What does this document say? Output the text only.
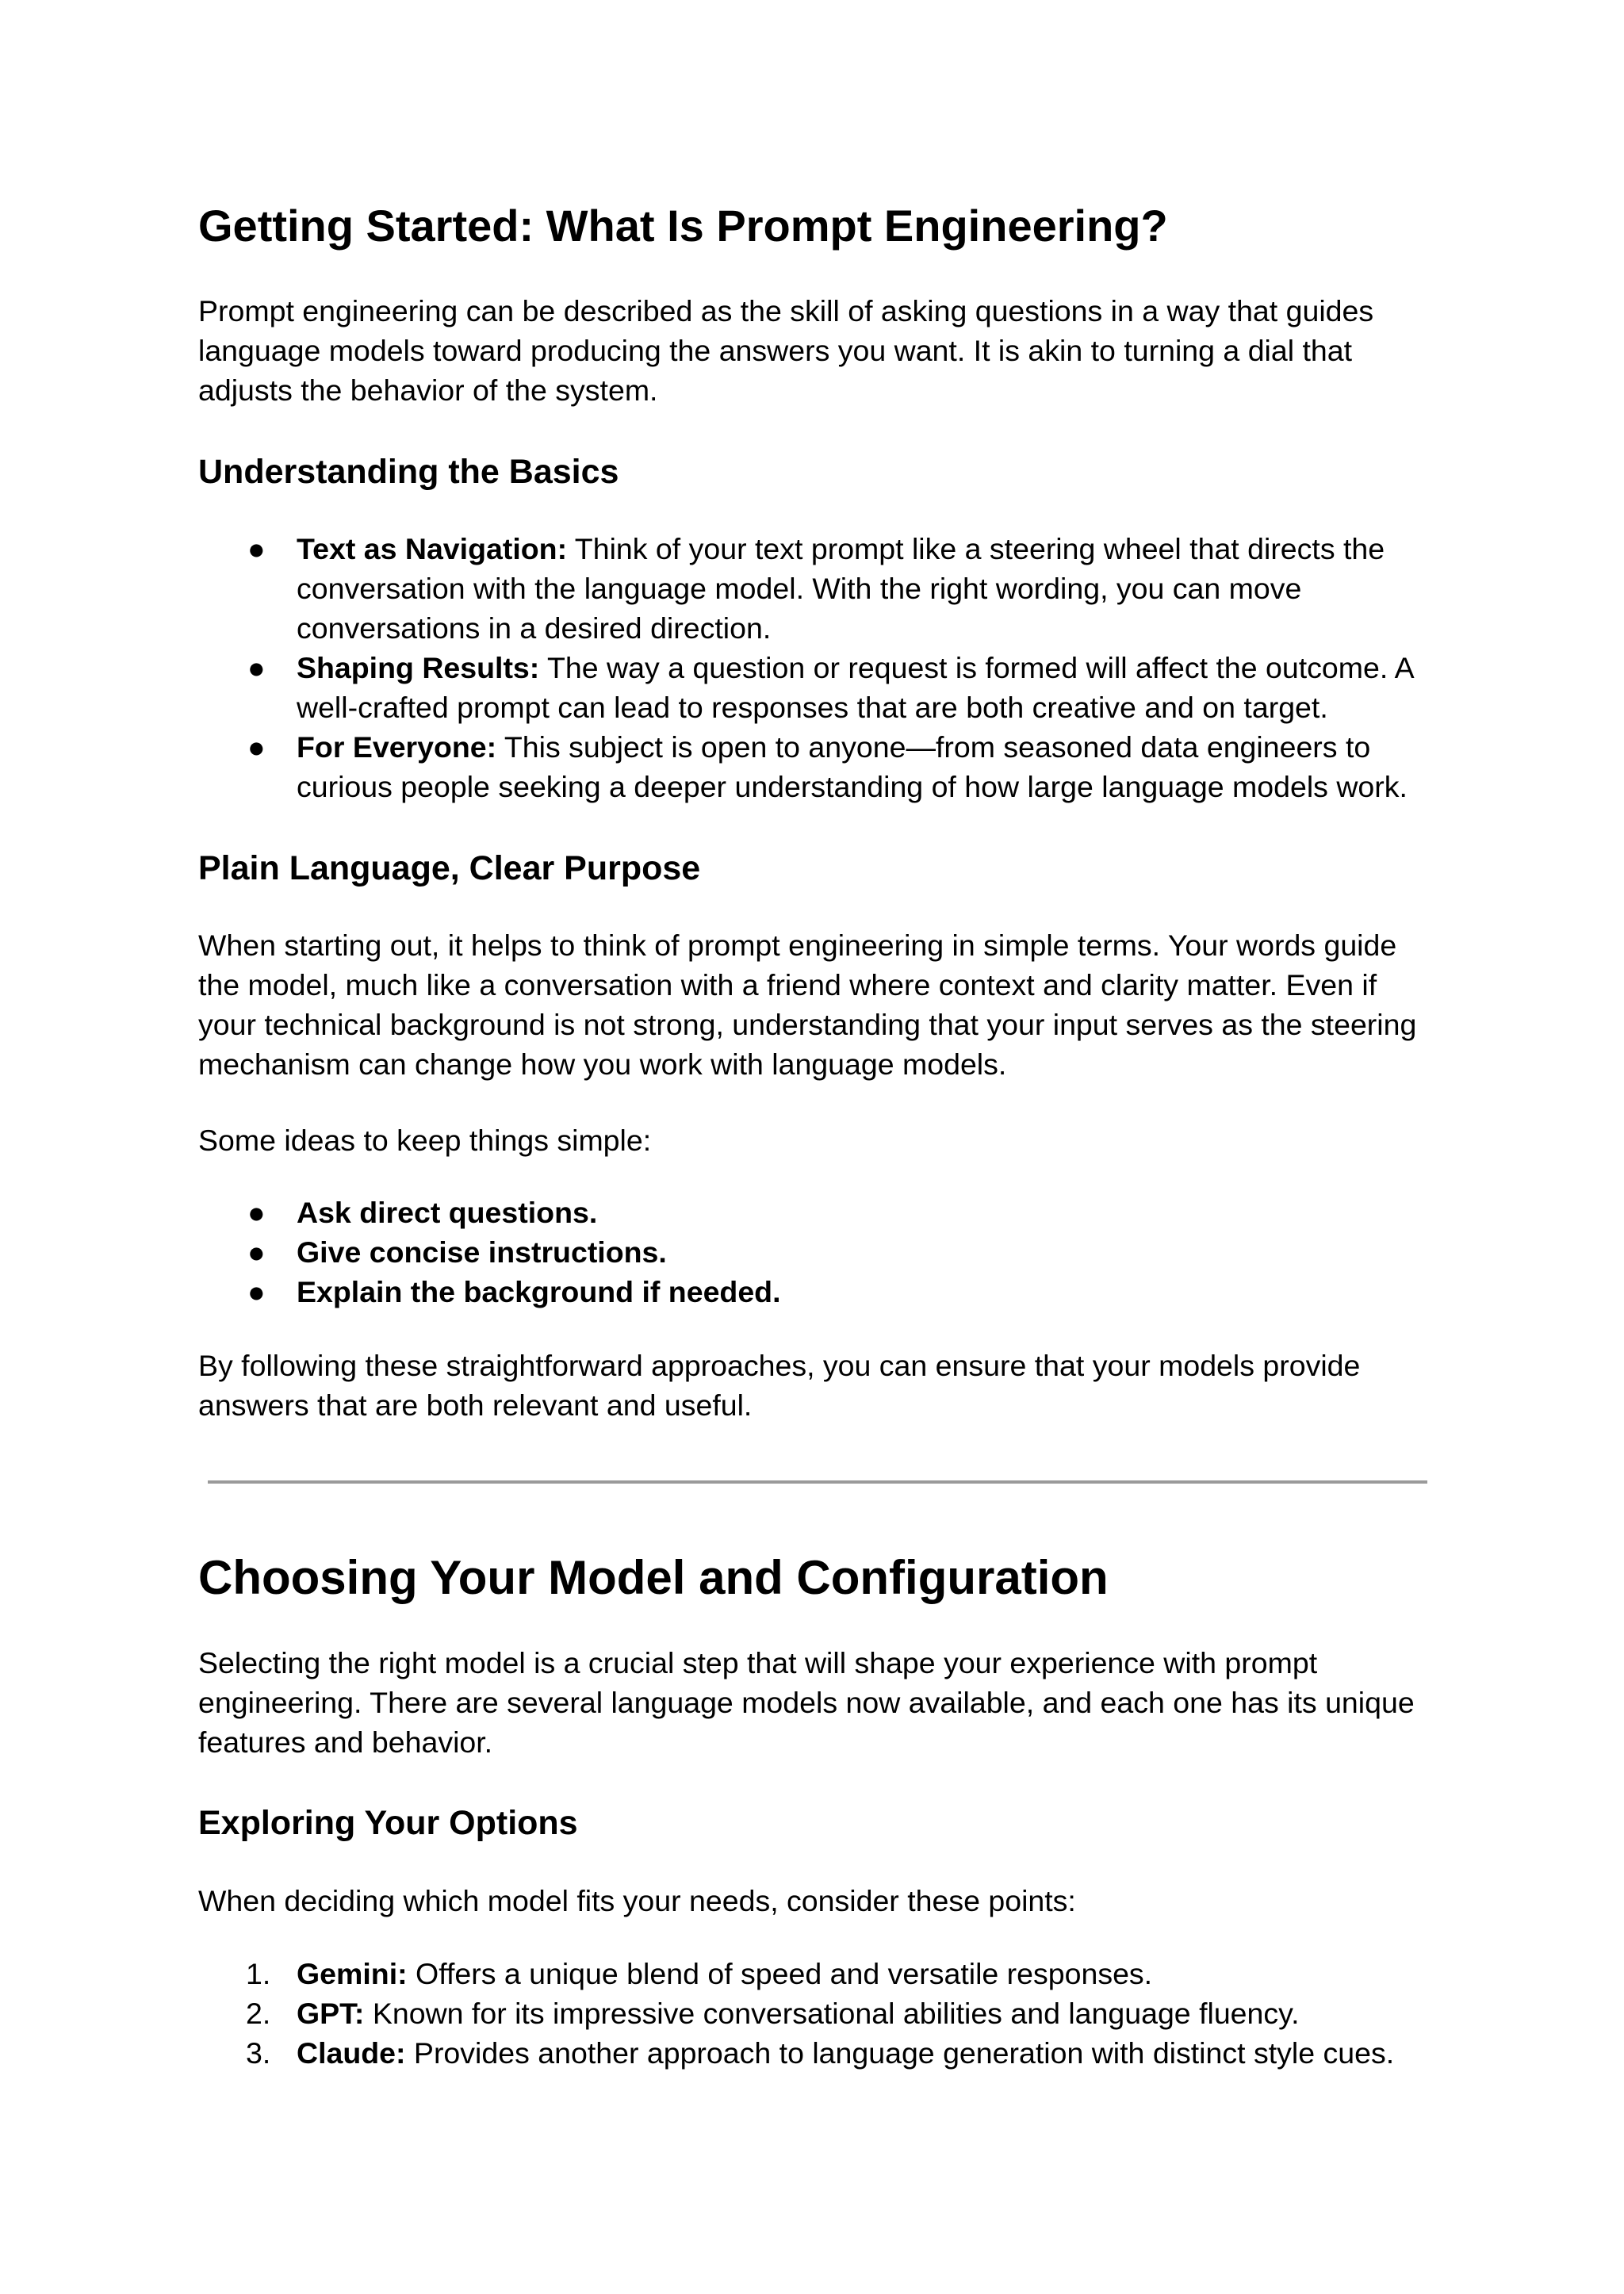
Getting Started: What Is Prompt Engineering?

Prompt engineering can be described as the skill of asking questions in a way that guides language models toward producing the answers you want. It is akin to turning a dial that adjusts the behavior of the system.

Understanding the Basics
● Text as Navigation: Think of your text prompt like a steering wheel that directs the conversation with the language model. With the right wording, you can move conversations in a desired direction.
● Shaping Results: The way a question or request is formed will affect the outcome. A well-crafted prompt can lead to responses that are both creative and on target.
● For Everyone: This subject is open to anyone—from seasoned data engineers to curious people seeking a deeper understanding of how large language models work.
Plain Language, Clear Purpose

When starting out, it helps to think of prompt engineering in simple terms. Your words guide the model, much like a conversation with a friend where context and clarity matter. Even if your technical background is not strong, understanding that your input serves as the steering mechanism can change how you work with language models.

Some ideas to keep things simple:

● Ask direct questions.
● Give concise instructions.
● Explain the background if needed.

By following these straightforward approaches, you can ensure that your models provide answers that are both relevant and useful.

Choosing Your Model and Configuration

Selecting the right model is a crucial step that will shape your experience with prompt engineering. There are several language models now available, and each one has its unique features and behavior.

Exploring Your Options

When deciding which model fits your needs, consider these points:

1. Gemini: Offers a unique blend of speed and versatile responses.
2. GPT: Known for its impressive conversational abilities and language fluency.
3. Claude: Provides another approach to language generation with distinct style cues.
